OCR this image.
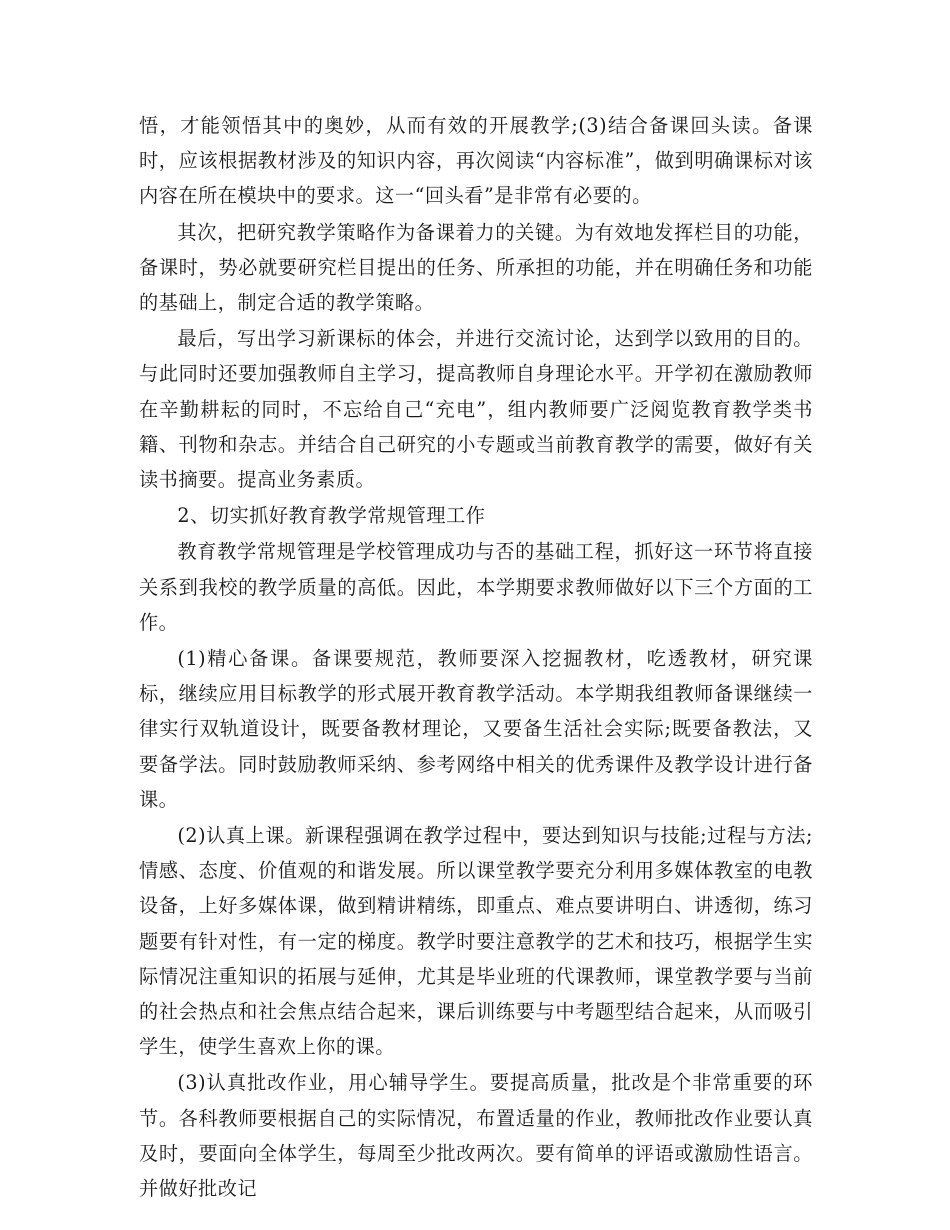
悟，才能领悟其中的奥妙，从而有效的开展教学;(3)结合备课回头读。备课时，应该根据教材涉及的知识内容，再次阅读“内容标准”，做到明确课标对该内容在所在模块中的要求。这一“回头看”是非常有必要的。

其次，把研究教学策略作为备课着力的关键。为有效地发挥栏目的功能，备课时，势必就要研究栏目提出的任务、所承担的功能，并在明确任务和功能的基础上，制定合适的教学策略。

最后，写出学习新课标的体会，并进行交流讨论，达到学以致用的目的。与此同时还要加强教师自主学习，提高教师自身理论水平。开学初在激励教师在辛勤耕耘的同时，不忘给自己“充电”，组内教师要广泛阅览教育教学类书籍、刊物和杂志。并结合自己研究的小专题或当前教育教学的需要，做好有关读书摘要。提高业务素质。

2、切实抓好教育教学常规管理工作

教育教学常规管理是学校管理成功与否的基础工程，抓好这一环节将直接关系到我校的教学质量的高低。因此，本学期要求教师做好以下三个方面的工作。

(1)精心备课。备课要规范，教师要深入挖掘教材，吃透教材，研究课标，继续应用目标教学的形式展开教育教学活动。本学期我组教师备课继续一律实行双轨道设计，既要备教材理论，又要备生活社会实际;既要备教法，又要备学法。同时鼓励教师采纳、参考网络中相关的优秀课件及教学设计进行备课。

(2)认真上课。新课程强调在教学过程中，要达到知识与技能;过程与方法;情感、态度、价值观的和谐发展。所以课堂教学要充分利用多媒体教室的电教设备，上好多媒体课，做到精讲精练，即重点、难点要讲明白、讲透彻，练习题要有针对性，有一定的梯度。教学时要注意教学的艺术和技巧，根据学生实际情况注重知识的拓展与延伸，尤其是毕业班的代课教师，课堂教学要与当前的社会热点和社会焦点结合起来，课后训练要与中考题型结合起来，从而吸引学生，使学生喜欢上你的课。

(3)认真批改作业，用心辅导学生。要提高质量，批改是个非常重要的环节。各科教师要根据自己的实际情况，布置适量的作业，教师批改作业要认真及时，要面向全体学生，每周至少批改两次。要有简单的评语或激励性语言。并做好批改记
